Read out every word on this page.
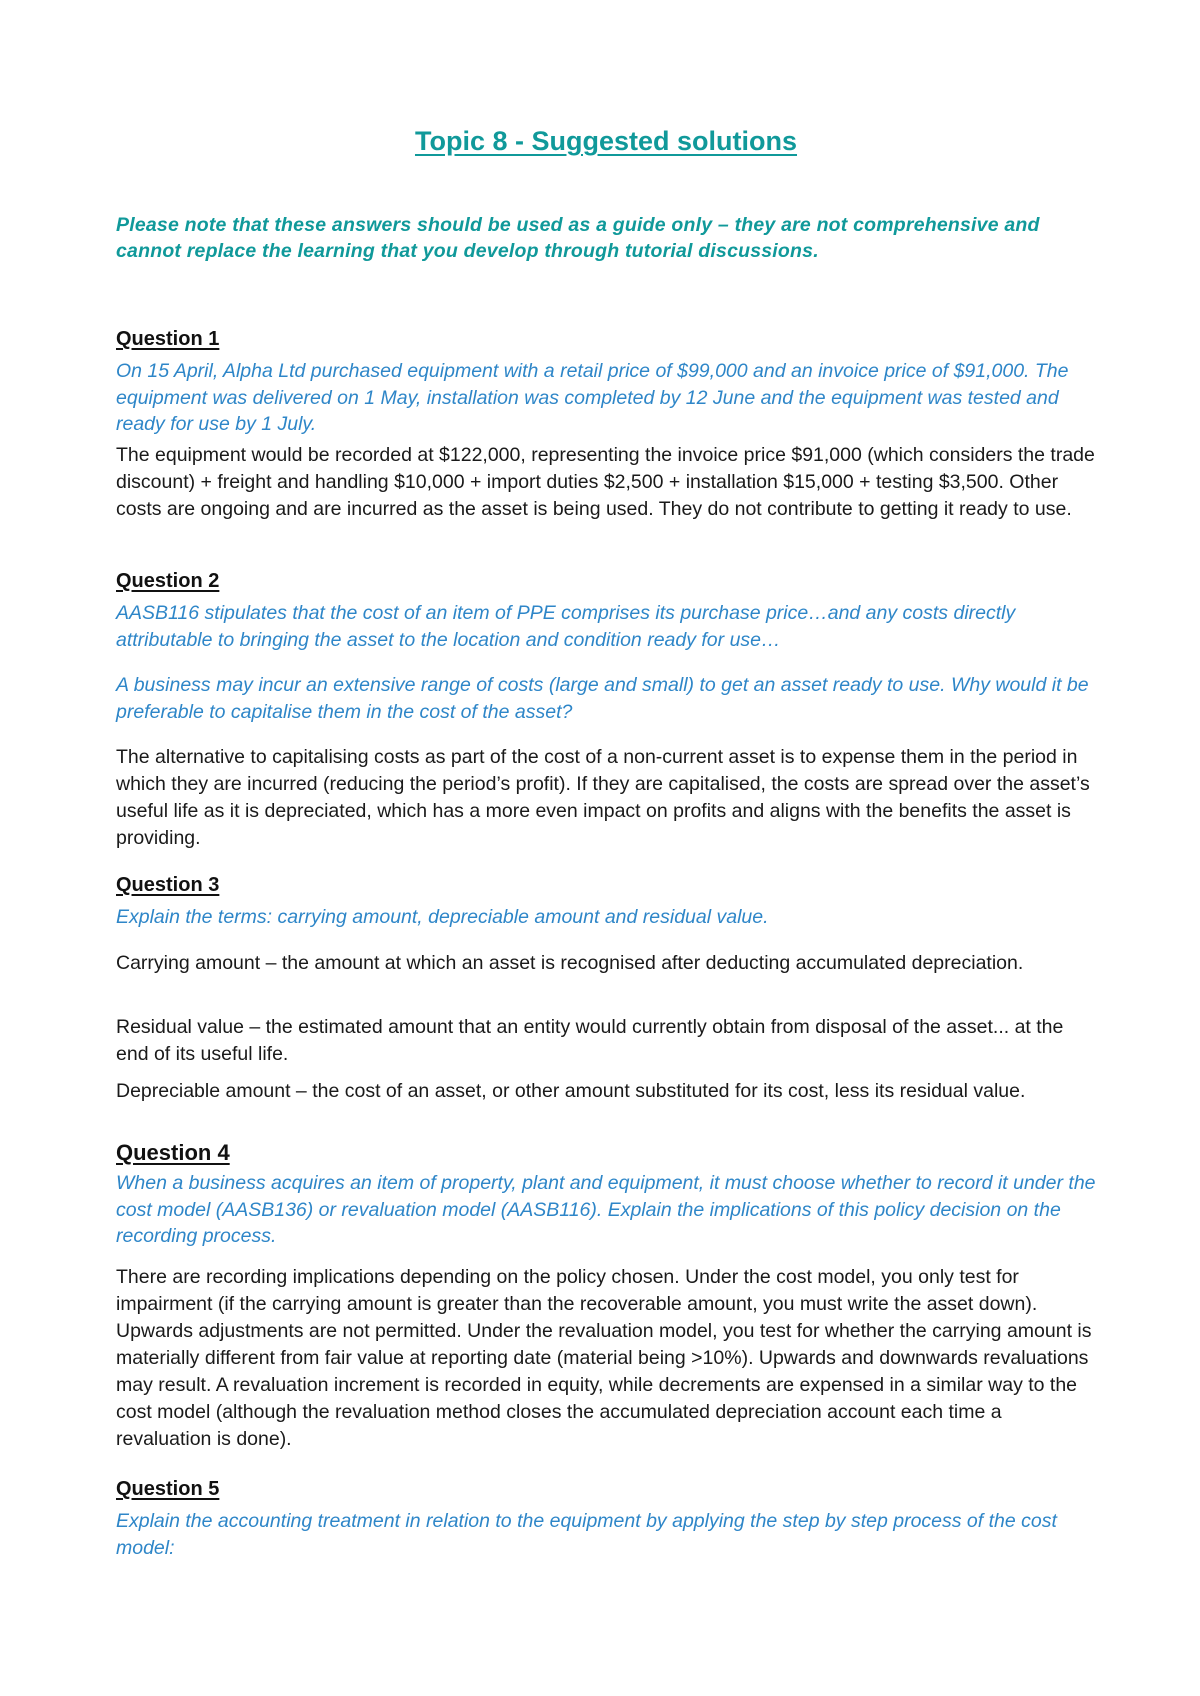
Topic 8 - Suggested solutions

Please note that these answers should be used as a guide only – they are not comprehensive and cannot replace the learning that you develop through tutorial discussions.

Question 1

On 15 April, Alpha Ltd purchased equipment with a retail price of $99,000 and an invoice price of $91,000. The equipment was delivered on 1 May, installation was completed by 12 June and the equipment was tested and ready for use by 1 July.

The equipment would be recorded at $122,000, representing the invoice price $91,000 (which considers the trade discount) + freight and handling $10,000 + import duties $2,500 + installation $15,000 + testing $3,500. Other costs are ongoing and are incurred as the asset is being used. They do not contribute to getting it ready to use.

Question 2

AASB116 stipulates that the cost of an item of PPE comprises its purchase price…and any costs directly attributable to bringing the asset to the location and condition ready for use…

A business may incur an extensive range of costs (large and small) to get an asset ready to use. Why would it be preferable to capitalise them in the cost of the asset?

The alternative to capitalising costs as part of the cost of a non-current asset is to expense them in the period in which they are incurred (reducing the period’s profit). If they are capitalised, the costs are spread over the asset’s useful life as it is depreciated, which has a more even impact on profits and aligns with the benefits the asset is providing.

Question 3

Explain the terms: carrying amount, depreciable amount and residual value.

Carrying amount – the amount at which an asset is recognised after deducting accumulated depreciation.

Residual value – the estimated amount that an entity would currently obtain from disposal of the asset... at the end of its useful life.

Depreciable amount – the cost of an asset, or other amount substituted for its cost, less its residual value.

Question 4

When a business acquires an item of property, plant and equipment, it must choose whether to record it under the cost model (AASB136) or revaluation model (AASB116). Explain the implications of this policy decision on the recording process.

There are recording implications depending on the policy chosen. Under the cost model, you only test for impairment (if the carrying amount is greater than the recoverable amount, you must write the asset down). Upwards adjustments are not permitted. Under the revaluation model, you test for whether the carrying amount is materially different from fair value at reporting date (material being >10%). Upwards and downwards revaluations may result. A revaluation increment is recorded in equity, while decrements are expensed in a similar way to the cost model (although the revaluation method closes the accumulated depreciation account each time a revaluation is done).

Question 5

Explain the accounting treatment in relation to the equipment by applying the step by step process of the cost model:
